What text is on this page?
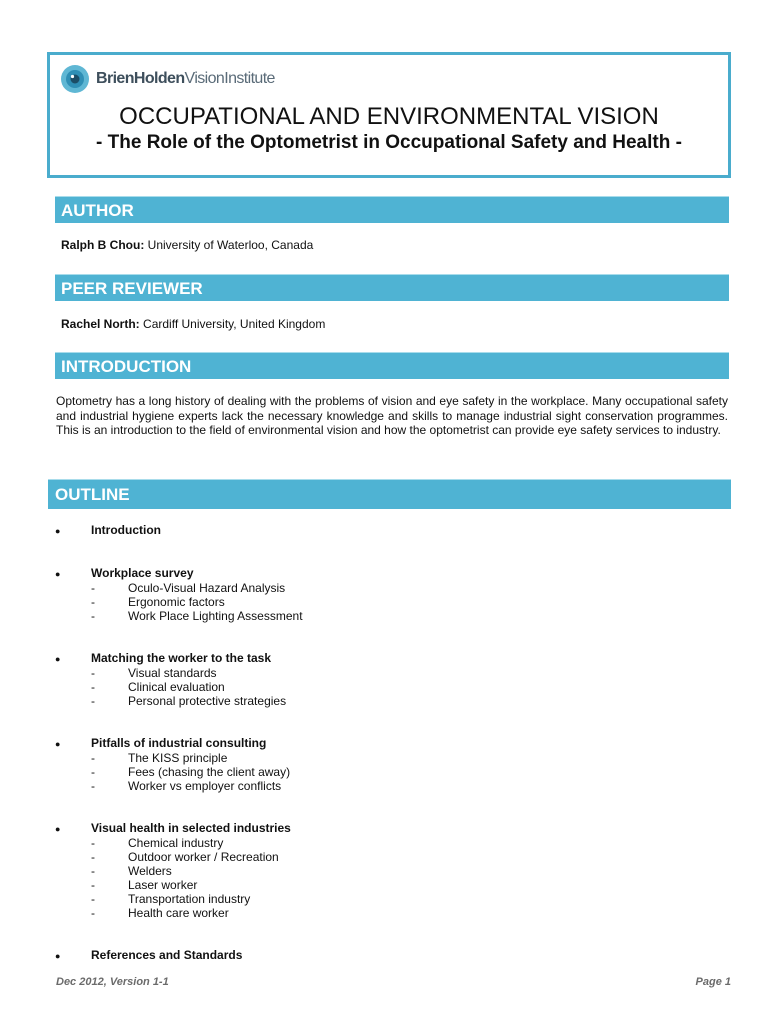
BrienHoldenVisionInstitute
OCCUPATIONAL AND ENVIRONMENTAL VISION
- The Role of the Optometrist in Occupational Safety and Health -
AUTHOR
Ralph B Chou: University of Waterloo, Canada
PEER REVIEWER
Rachel North: Cardiff University, United Kingdom
INTRODUCTION

Optometry has a long history of dealing with the problems of vision and eye safety in the workplace. Many occupational safety and industrial hygiene experts lack the necessary knowledge and skills to manage industrial sight conservation programmes. This is an introduction to the field of environmental vision and how the optometrist can provide eye safety services to industry.

OUTLINE
●	Introduction
●	Workplace survey
-	Oculo-Visual Hazard Analysis
-	Ergonomic factors
-	Work Place Lighting Assessment
●	Matching the worker to the task
-	Visual standards
-	Clinical evaluation
-	Personal protective strategies
●	Pitfalls of industrial consulting
-	The KISS principle
-	Fees (chasing the client away)
-	Worker vs employer conflicts
●	Visual health in selected industries
-	Chemical industry
-	Outdoor worker / Recreation
-	Welders
-	Laser worker
-	Transportation industry
-	Health care worker
●	References and Standards
Dec 2012, Version 1-1	Page 1
